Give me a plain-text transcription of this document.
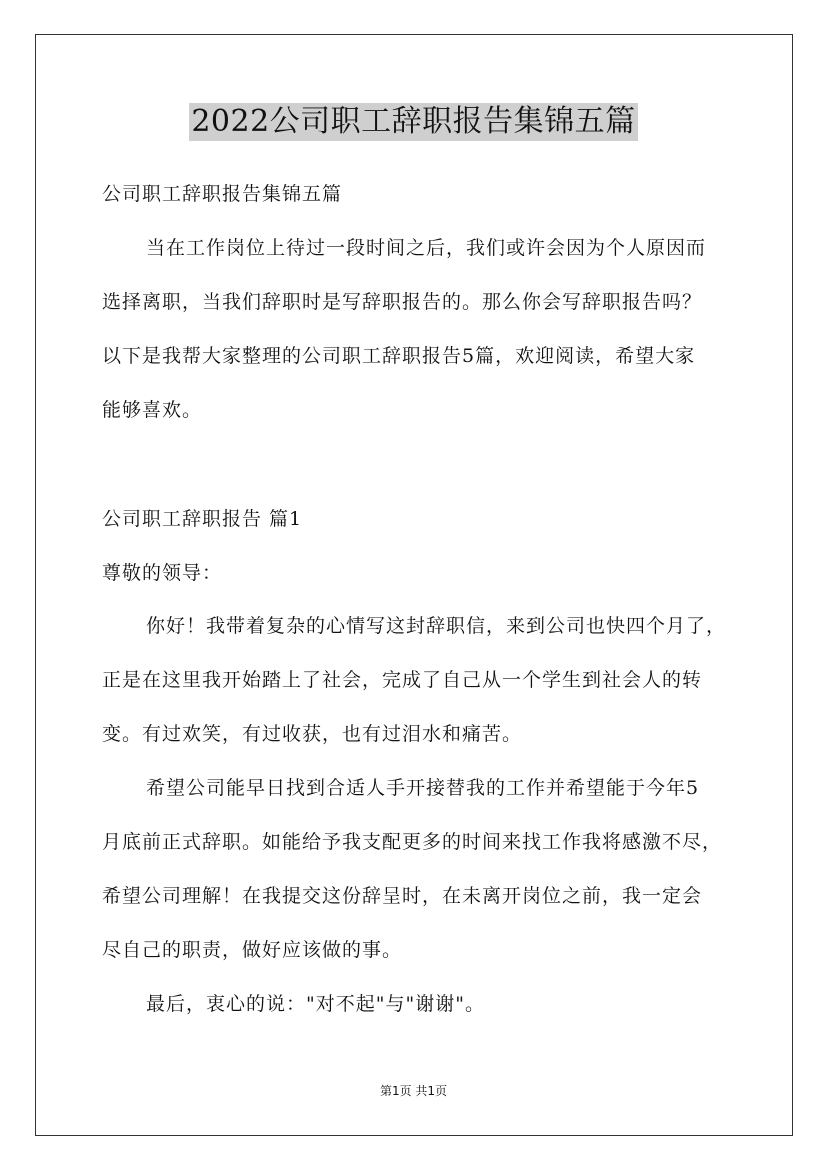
2022公司职工辞职报告集锦五篇
公司职工辞职报告集锦五篇
当在工作岗位上待过一段时间之后，我们或许会因为个人原因而
选择离职，当我们辞职时是写辞职报告的。那么你会写辞职报告吗？
以下是我帮大家整理的公司职工辞职报告5篇，欢迎阅读，希望大家
能够喜欢。
公司职工辞职报告 篇1
尊敬的领导：
你好！我带着复杂的心情写这封辞职信，来到公司也快四个月了，
正是在这里我开始踏上了社会，完成了自己从一个学生到社会人的转
变。有过欢笑，有过收获，也有过泪水和痛苦。
希望公司能早日找到合适人手开接替我的工作并希望能于今年5
月底前正式辞职。如能给予我支配更多的时间来找工作我将感激不尽，
希望公司理解！在我提交这份辞呈时，在未离开岗位之前，我一定会
尽自己的职责，做好应该做的事。
最后，衷心的说："对不起"与"谢谢"。
第1页 共1页
